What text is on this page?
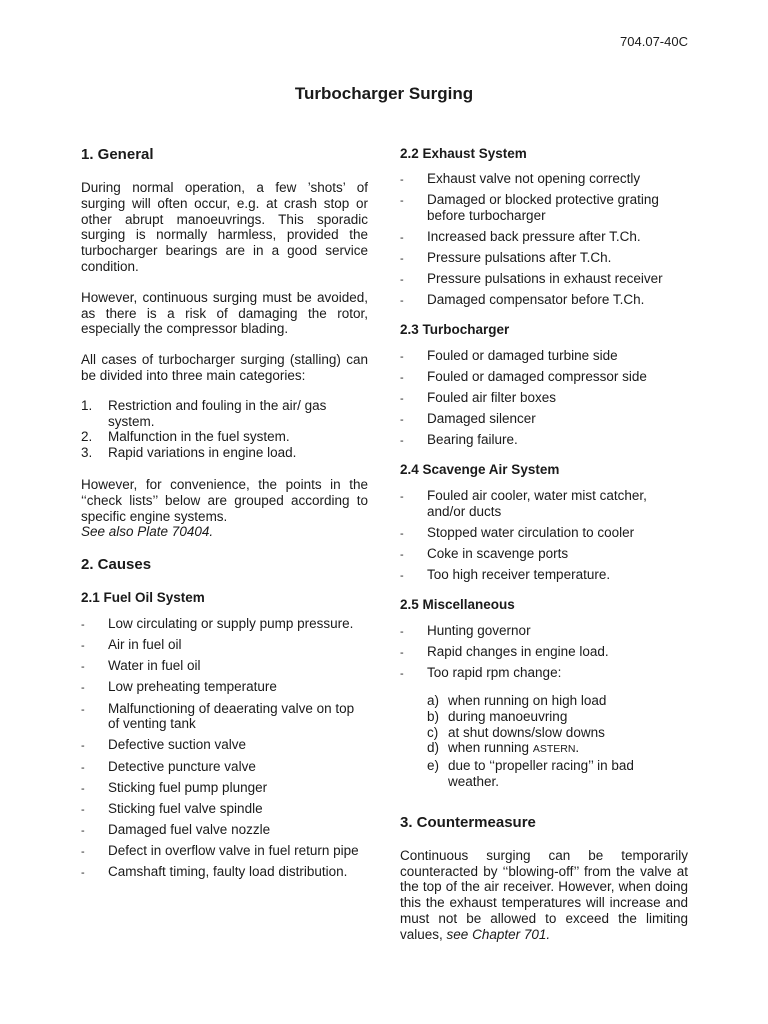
704.07-40C
Turbocharger Surging
1. General

During normal operation, a few ’shots’ of surging will often occur, e.g. at crash stop or other abrupt manoeuvrings. This sporadic surging is normally harmless, provided the turbocharger bearings are in a good service condition.

However, continuous surging must be avoided, as there is a risk of damaging the rotor, especially the compressor blading.

All cases of turbocharger surging (stalling) can be divided into three main categories:

1. Restriction and fouling in the air/ gas system.
2. Malfunction in the fuel system.
3. Rapid variations in engine load.

However, for convenience, the points in the ‘‘check lists’’ below are grouped according to specific engine systems.
See also Plate 70404.

2. Causes
2.1 Fuel Oil System
- Low circulating or supply pump pressure.
- Air in fuel oil
- Water in fuel oil
- Low preheating temperature
- Malfunctioning of deaerating valve on top of venting tank
- Defective suction valve
- Detective puncture valve
- Sticking fuel pump plunger
- Sticking fuel valve spindle
- Damaged fuel valve nozzle
- Defect in overflow valve in fuel return pipe
- Camshaft timing, faulty load distribution.
2.2 Exhaust System
- Exhaust valve not opening correctly
- Damaged or blocked protective grating before turbocharger
- Increased back pressure after T.Ch.
- Pressure pulsations after T.Ch.
- Pressure pulsations in exhaust receiver
- Damaged compensator before T.Ch.
2.3 Turbocharger
- Fouled or damaged turbine side
- Fouled or damaged compressor side
- Fouled air filter boxes
- Damaged silencer
- Bearing failure.
2.4 Scavenge Air System
- Fouled air cooler, water mist catcher, and/or ducts
- Stopped water circulation to cooler
- Coke in scavenge ports
- Too high receiver temperature.
2.5 Miscellaneous
- Hunting governor
- Rapid changes in engine load.
- Too rapid rpm change:
a) when running on high load
b) during manoeuvring
c) at shut downs/slow downs
d) when running ASTERN.
e) due to ‘‘propeller racing’’ in bad weather.
3. Countermeasure

Continuous surging can be temporarily counteracted by ‘‘blowing-off’’ from the valve at the top of the air receiver. However, when doing this the exhaust temperatures will increase and must not be allowed to exceed the limiting values, see Chapter 701.
